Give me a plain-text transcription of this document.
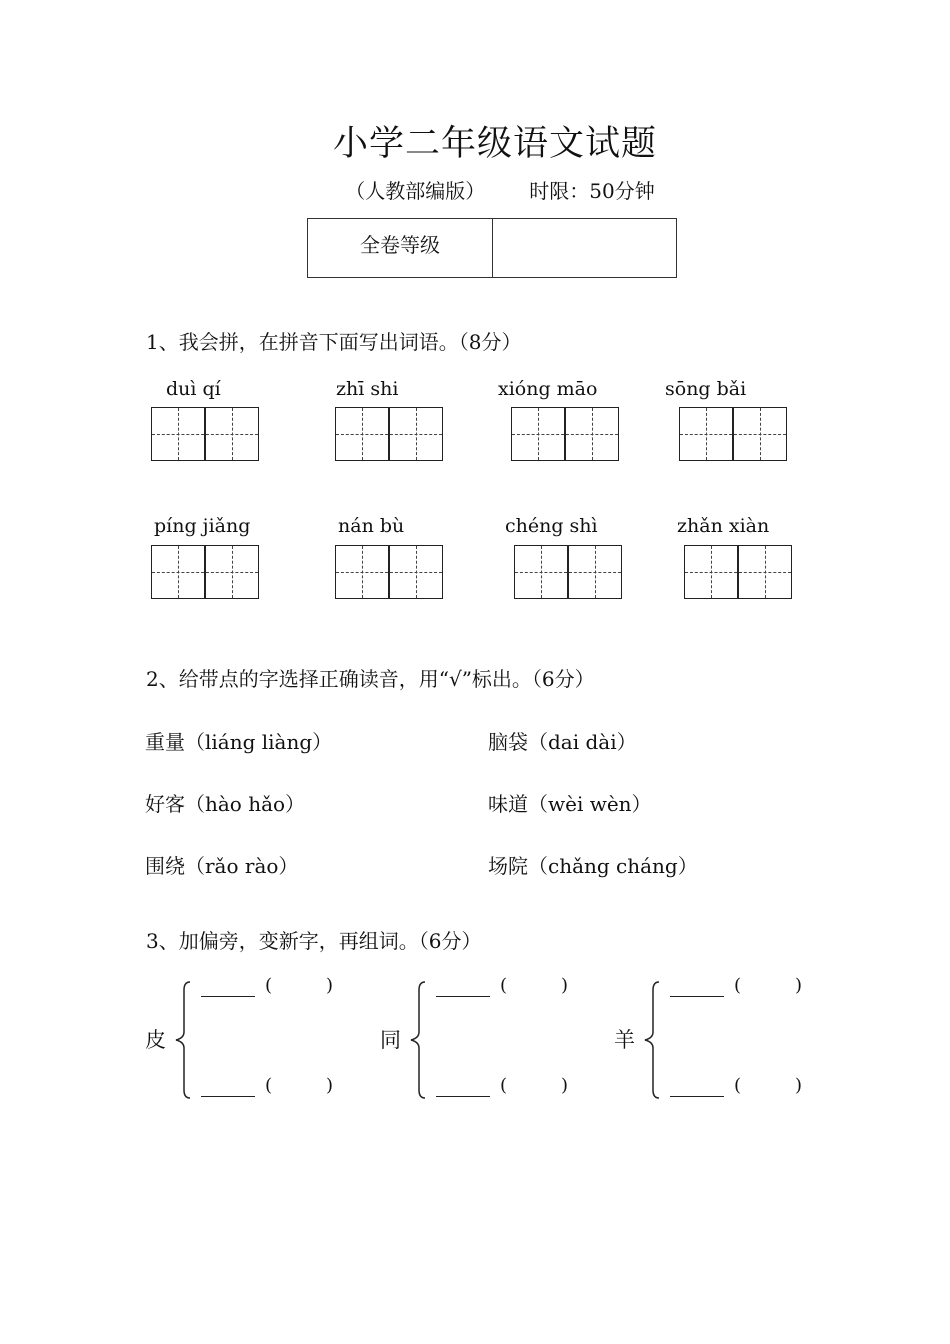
小学二年级语文试题
（人教部编版） 时限：50分钟
全卷等级
1、我会拼，在拼音下面写出词语。（8分）
duì qí	zhī shi	xióng māo	sōng bǎi
píng jiǎng	nán bù	chéng shì	zhǎn xiàn
2、给带点的字选择正确读音，用“√”标出。（6分）
重量（liáng liàng）	脑袋（dai dài）
好客（hào hǎo）	味道（wèi wèn）
围绕（rǎo rào）	场院（chǎng cháng）
3、加偏旁，变新字，再组词。（6分）
皮
(	)
(	)
同
(	)
(	)
羊
(	)
(	)
